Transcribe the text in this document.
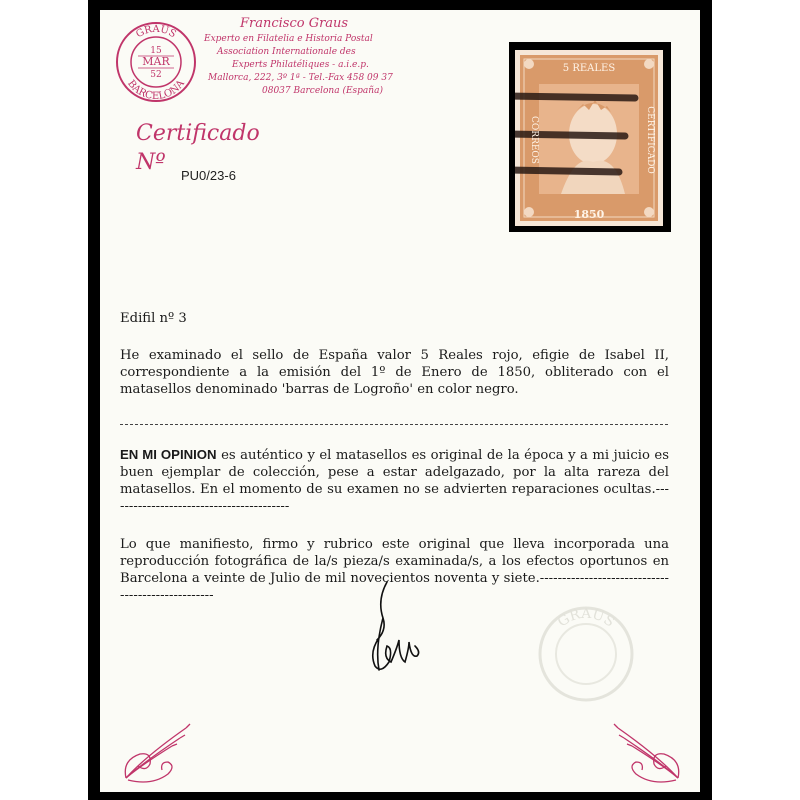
GRAUS
BARCELONA
15
MAR
52
Francisco Graus
Experto en Filatelia e Historia Postal
Association Internationale des
Experts Philatéliques - a.i.e.p.
Mallorca, 222, 3º 1ª - Tel.-Fax 458 09 37
08037 Barcelona (España)
Certificado
Nº
PU0/23-6
5 REALES
1850
CORREOS	CERTIFICADO
Edifil nº 3
He examinado el sello de España valor 5 Reales rojo, efigie de Isabel II, correspondiente a la emisión del 1º de Enero de 1850, obliterado con el matasellos denominado 'barras de Logroño' en color negro.
EN MI OPINION es auténtico y el matasellos es original de la época y a mi juicio es buen ejemplar de colección, pese a estar adelgazado, por la alta rareza del matasellos. En el momento de su examen no se advierten reparaciones ocultas.-----------------------------------------
Lo que manifiesto, firmo y rubrico este original que lleva incorporada una reproducción fotográfica de la/s pieza/s examinada/s, a los efectos oportunos en Barcelona a veinte de Julio de mil novecientos noventa y siete.--------------------------------------------------
GRAUS
